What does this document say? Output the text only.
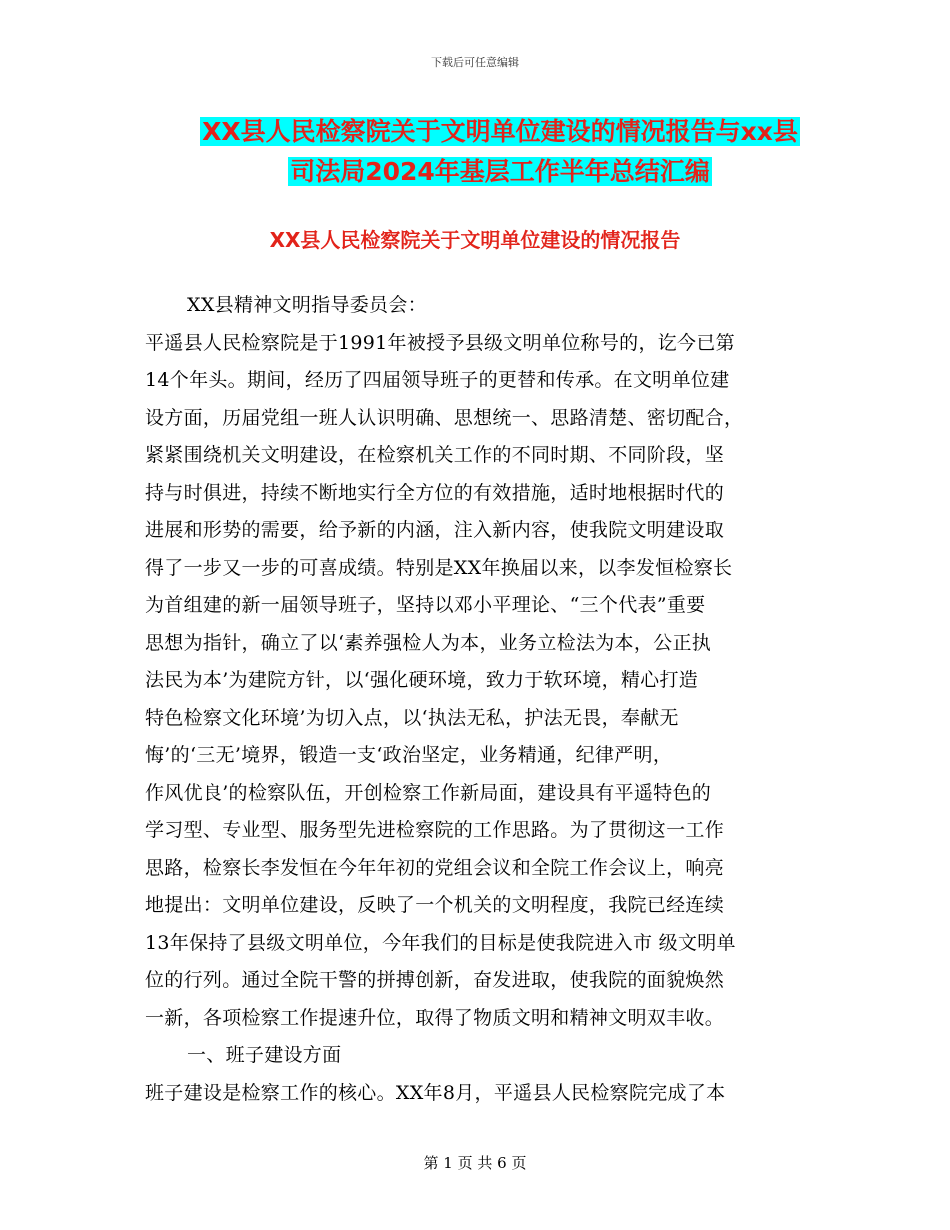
下载后可任意编辑
XX县人民检察院关于文明单位建设的情况报告与xx县
司法局2024年基层工作半年总结汇编
XX县人民检察院关于文明单位建设的情况报告
XX县精神文明指导委员会：
平遥县人民检察院是于1991年被授予县级文明单位称号的，讫今已第
14个年头。期间，经历了四届领导班子的更替和传承。在文明单位建
设方面，历届党组一班人认识明确、思想统一、思路清楚、密切配合，
紧紧围绕机关文明建设，在检察机关工作的不同时期、不同阶段，坚
持与时俱进，持续不断地实行全方位的有效措施，适时地根据时代的
进展和形势的需要，给予新的内涵，注入新内容，使我院文明建设取
得了一步又一步的可喜成绩。特别是XX年换届以来，以李发恒检察长
为首组建的新一届领导班子，坚持以邓小平理论、“三个代表”重要
思想为指针，确立了以‘素养强检人为本，业务立检法为本，公正执
法民为本’为建院方针，以‘强化硬环境，致力于软环境，精心打造
特色检察文化环境’为切入点，以‘执法无私，护法无畏，奉献无
悔’的‘三无’境界，锻造一支‘政治坚定，业务精通，纪律严明，
作风优良’的检察队伍，开创检察工作新局面，建设具有平遥特色的
学习型、专业型、服务型先进检察院的工作思路。为了贯彻这一工作
思路，检察长李发恒在今年年初的党组会议和全院工作会议上，响亮
地提出：文明单位建设，反映了一个机关的文明程度，我院已经连续
13年保持了县级文明单位，今年我们的目标是使我院进入市 级文明单
位的行列。通过全院干警的拼搏创新，奋发进取，使我院的面貌焕然
一新，各项检察工作提速升位，取得了物质文明和精神文明双丰收。
一、班子建设方面
班子建设是检察工作的核心。XX年8月，平遥县人民检察院完成了本
第 1 页 共 6 页
